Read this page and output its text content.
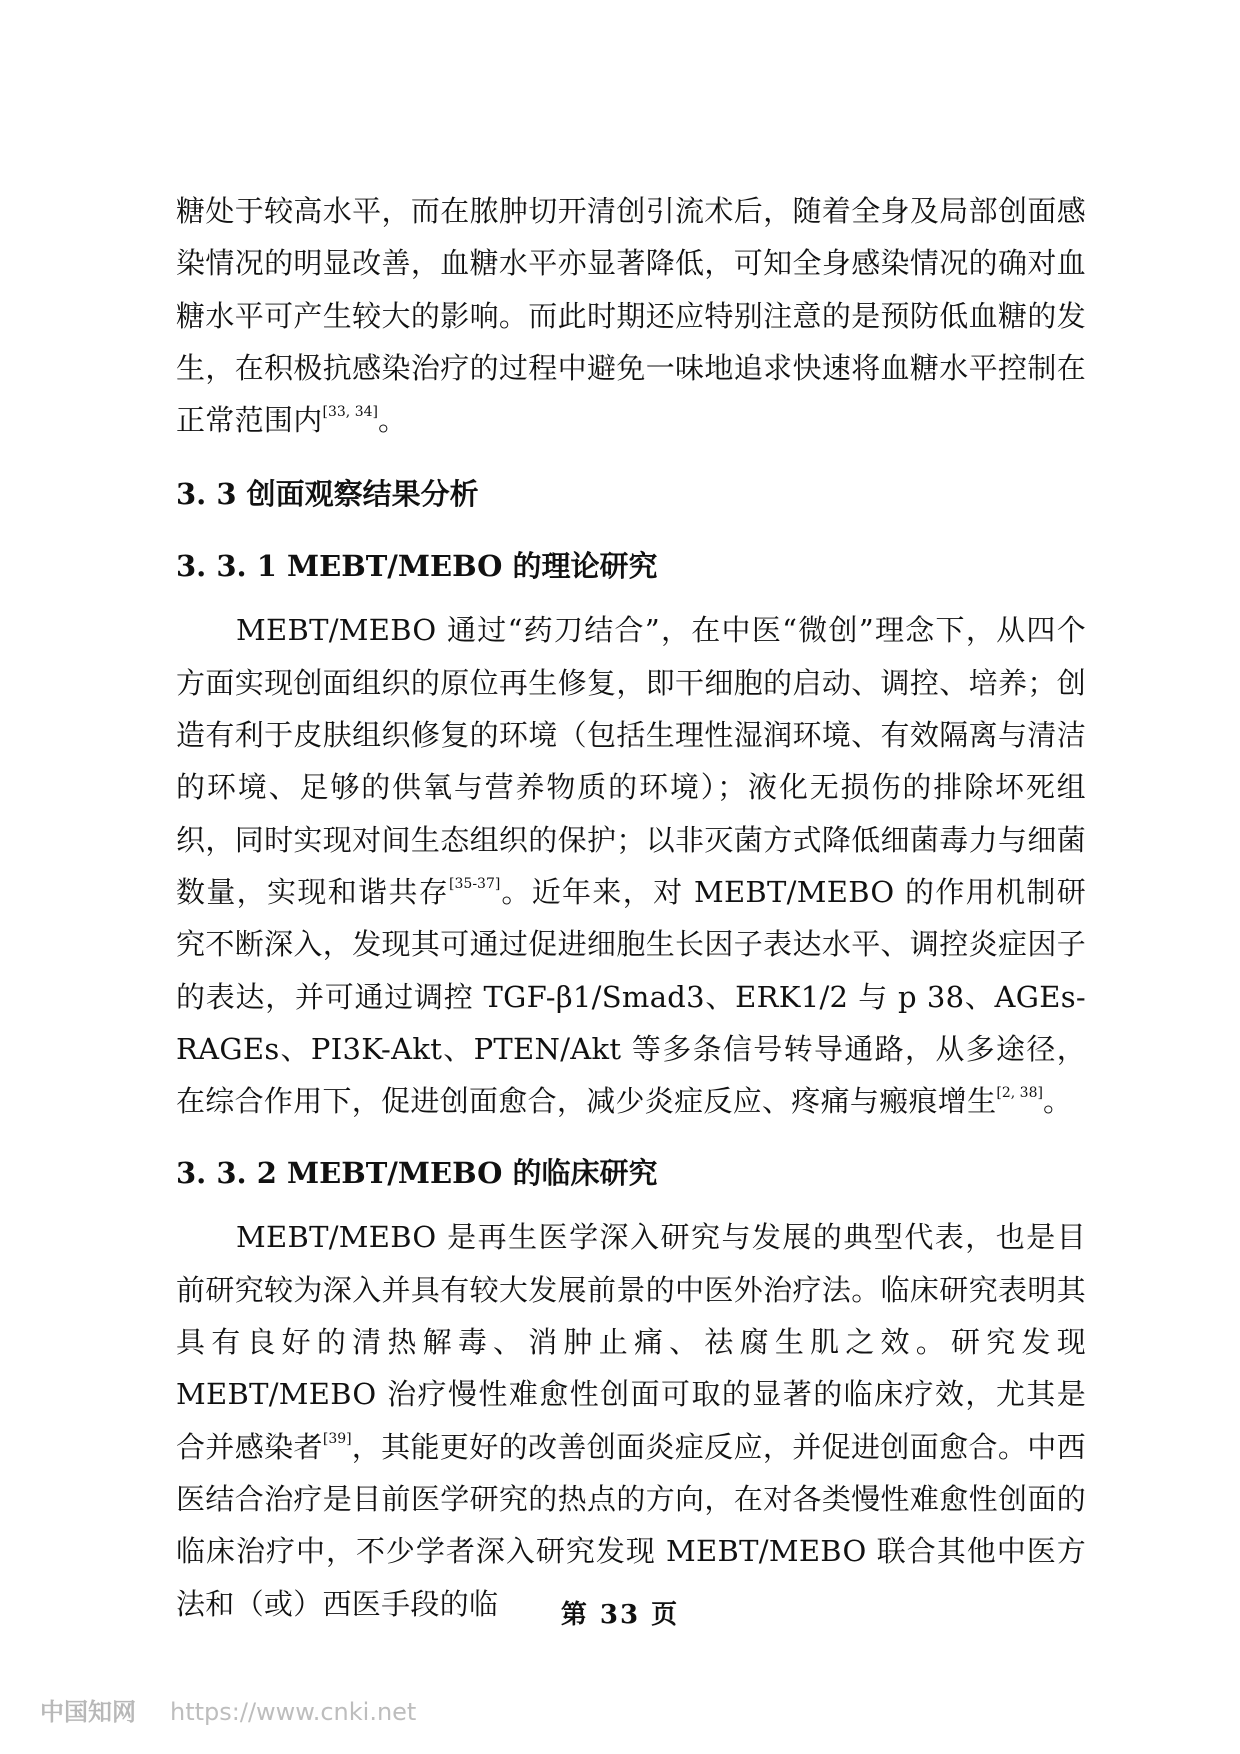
糖处于较高水平，而在脓肿切开清创引流术后，随着全身及局部创面感染情况的明显改善，血糖水平亦显著降低，可知全身感染情况的确对血糖水平可产生较大的影响。而此时期还应特别注意的是预防低血糖的发生，在积极抗感染治疗的过程中避免一味地追求快速将血糖水平控制在正常范围内[33, 34]。

3. 3 创面观察结果分析
3. 3. 1 MEBT/MEBO 的理论研究

MEBT/MEBO 通过“药刀结合”，在中医“微创”理念下，从四个方面实现创面组织的原位再生修复，即干细胞的启动、调控、培养；创造有利于皮肤组织修复的环境（包括生理性湿润环境、有效隔离与清洁的环境、足够的供氧与营养物质的环境）；液化无损伤的排除坏死组织，同时实现对间生态组织的保护；以非灭菌方式降低细菌毒力与细菌数量，实现和谐共存[35-37]。近年来，对 MEBT/MEBO 的作用机制研究不断深入，发现其可通过促进细胞生长因子表达水平、调控炎症因子的表达，并可通过调控 TGF-β1/Smad3、ERK1/2 与 p 38、AGEs-RAGEs、PI3K-Akt、PTEN/Akt 等多条信号转导通路，从多途径，在综合作用下，促进创面愈合，减少炎症反应、疼痛与瘢痕增生[2, 38]。

3. 3. 2 MEBT/MEBO 的临床研究

MEBT/MEBO 是再生医学深入研究与发展的典型代表，也是目前研究较为深入并具有较大发展前景的中医外治疗法。临床研究表明其具有良好的清热解毒、消肿止痛、祛腐生肌之效。研究发现 MEBT/MEBO 治疗慢性难愈性创面可取的显著的临床疗效，尤其是合并感染者[39]，其能更好的改善创面炎症反应，并促进创面愈合。中西医结合治疗是目前医学研究的热点的方向，在对各类慢性难愈性创面的临床治疗中，不少学者深入研究发现 MEBT/MEBO 联合其他中医方法和（或）西医手段的临	第 33 页
中国知网 https://www.cnki.net
